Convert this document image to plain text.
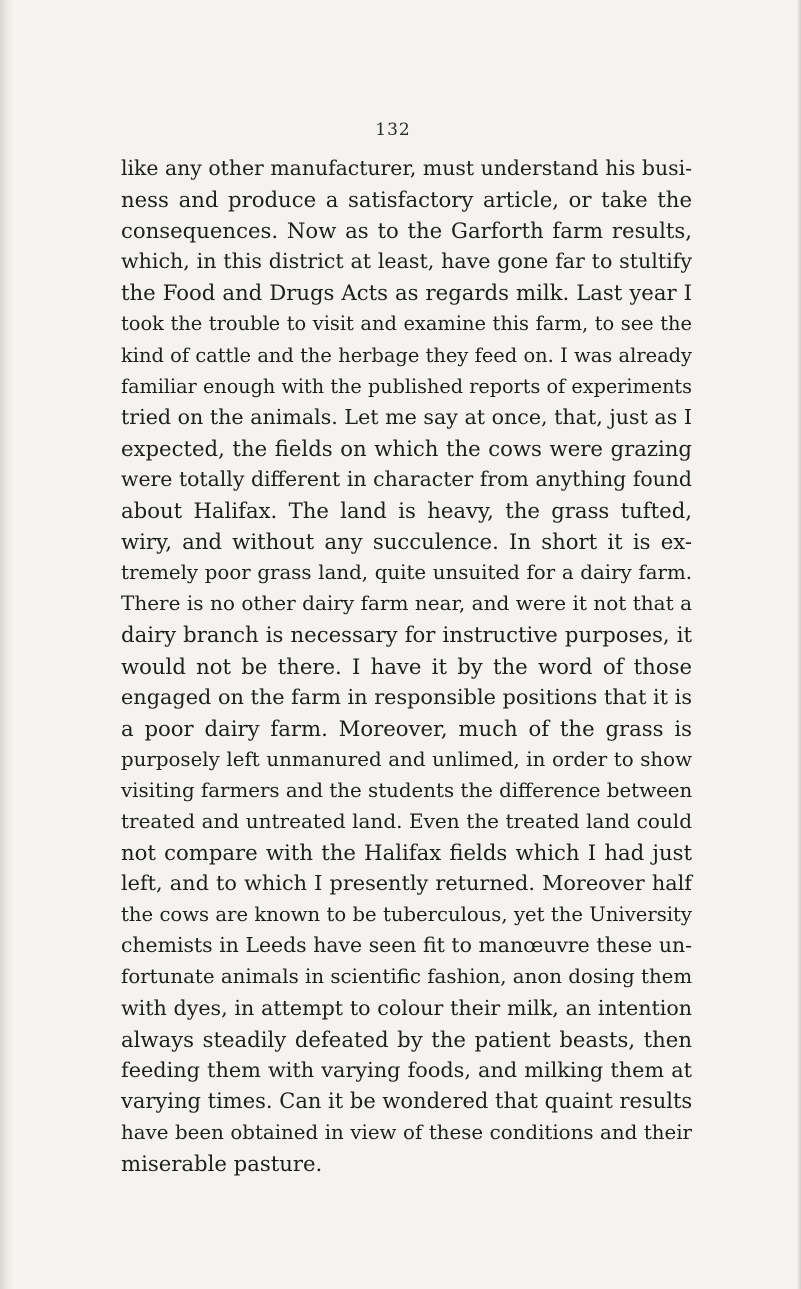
132
like any other manufacturer, must understand his busi-
ness and produce a satisfactory article, or take the
consequences. Now as to the Garforth farm results,
which, in this district at least, have gone far to stultify
the Food and Drugs Acts as regards milk. Last year I
took the trouble to visit and examine this farm, to see the
kind of cattle and the herbage they feed on. I was already
familiar enough with the published reports of experiments
tried on the animals. Let me say at once, that, just as I
expected, the fields on which the cows were grazing
were totally different in character from anything found
about Halifax. The land is heavy, the grass tufted,
wiry, and without any succulence. In short it is ex-
tremely poor grass land, quite unsuited for a dairy farm.
There is no other dairy farm near, and were it not that a
dairy branch is necessary for instructive purposes, it
would not be there. I have it by the word of those
engaged on the farm in responsible positions that it is
a poor dairy farm. Moreover, much of the grass is
purposely left unmanured and unlimed, in order to show
visiting farmers and the students the difference between
treated and untreated land. Even the treated land could
not compare with the Halifax fields which I had just
left, and to which I presently returned. Moreover half
the cows are known to be tuberculous, yet the University
chemists in Leeds have seen fit to manœuvre these un-
fortunate animals in scientific fashion, anon dosing them
with dyes, in attempt to colour their milk, an intention
always steadily defeated by the patient beasts, then
feeding them with varying foods, and milking them at
varying times. Can it be wondered that quaint results
have been obtained in view of these conditions and their
miserable pasture.
